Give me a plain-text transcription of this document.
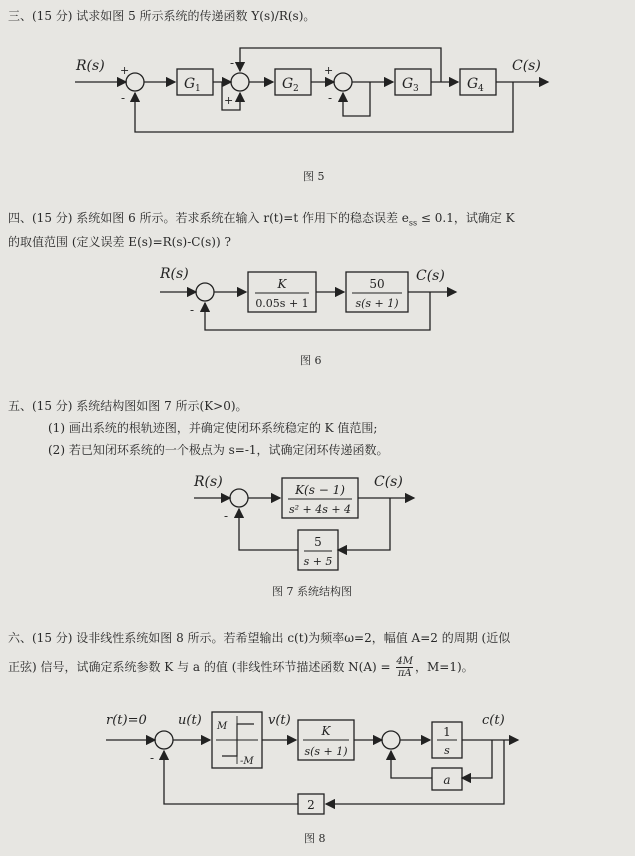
三、(15 分) 试求如图 5 所示系统的传递函数 Y(s)/R(s)。
R(s) +
-
G 1
-
+
G 2
+
-
G 3	G 4
C(s)
图 5
四、(15 分) 系统如图 6 所示。若求系统在输入 r(t)=t 作用下的稳态误差 $e_{ss} \le 0.1$，试确定 K
的取值范围 (定义误差 E(s)=R(s)-C(s)) ?
R(s)
-
K
0.05s + 1
50
s(s + 1)
C(s)
图 6
五、(15 分) 系统结构图如图 7 所示(K>0)。
(1) 画出系统的根轨迹图，并确定使闭环系统稳定的 K 值范围;
(2) 若已知闭环系统的一个极点为 s=-1，试确定闭环传递函数。
R(s)
-
K(s − 1)
s² + 4s + 4
C(s)
5
s + 5
图 7 系统结构图
六、(15 分) 设非线性系统如图 8 所示。若希望输出 c(t)为频率ω=2，幅值 A=2 的周期 (近似
正弦) 信号，试确定系统参数 K 与 a 的值 (非线性环节描述函数 $N(A) = \frac{4M}{\pi A}$ ，M=1)。
r(t)=0
-
u(t) M
-M
v(t)
K
s(s + 1)
1
s
c(t)
a
2
图 8
